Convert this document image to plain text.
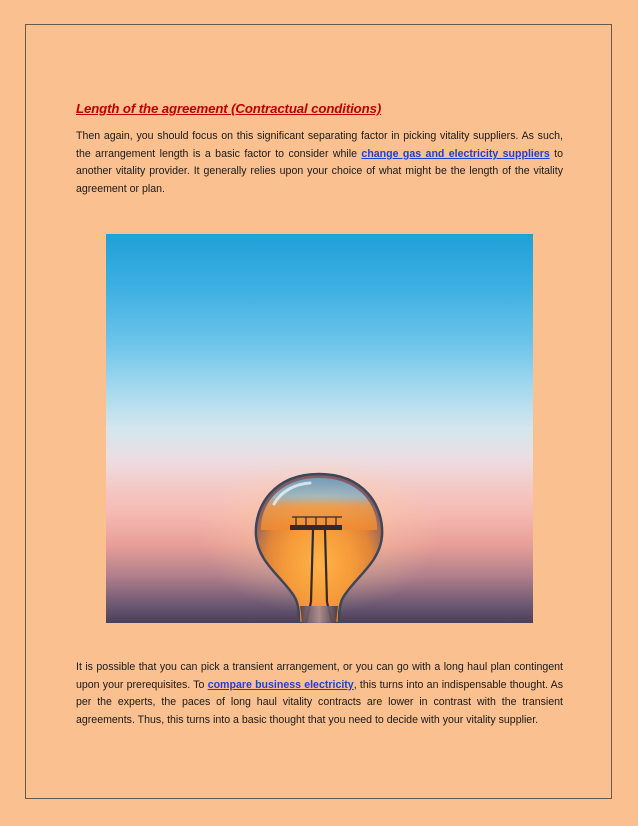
Length of the agreement (Contractual conditions)

Then again, you should focus on this significant separating factor in picking vitality suppliers. As such, the arrangement length is a basic factor to consider while change gas and electricity suppliers to another vitality provider. It generally relies upon your choice of what might be the length of the vitality agreement or plan.

It is possible that you can pick a transient arrangement, or you can go with a long haul plan contingent upon your prerequisites. To compare business electricity, this turns into an indispensable thought. As per the experts, the paces of long haul vitality contracts are lower in contrast with the transient agreements. Thus, this turns into a basic thought that you need to decide with your vitality supplier.
